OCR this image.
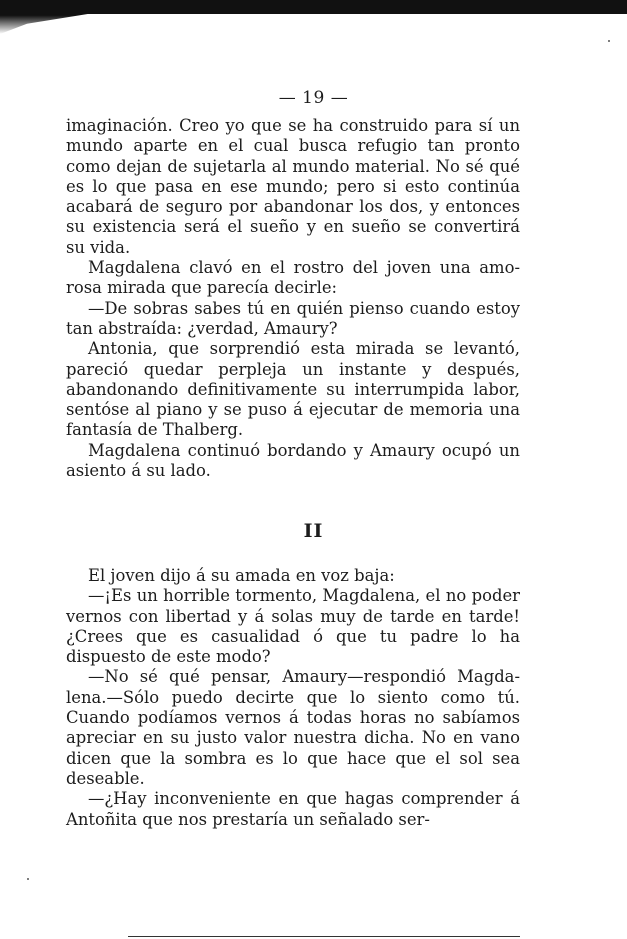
— 19 —

imaginación. Creo yo que se ha construido para sí un mundo aparte en el cual busca refugio tan pronto como dejan de sujetarla al mundo material. No sé qué es lo que pasa en ese mundo; pero si esto continúa acabará de seguro por abandonar los dos, y entonces su existencia será el sueño y en sueño se convertirá su vida.

Magdalena clavó en el rostro del joven una amorosa mirada que parecía decirle:

—De sobras sabes tú en quién pienso cuando estoy tan abstraída: ¿verdad, Amaury?

Antonia, que sorprendió esta mirada se levantó, pareció quedar perpleja un instante y después, abandonando definitivamente su interrumpida labor, sentóse al piano y se puso á ejecutar de memoria una fantasía de Thalberg.

Magdalena continuó bordando y Amaury ocupó un asiento á su lado.

II

El joven dijo á su amada en voz baja:

—¡Es un horrible tormento, Magdalena, el no poder vernos con libertad y á solas muy de tarde en tarde! ¿Crees que es casualidad ó que tu padre lo ha dispuesto de este modo?

—No sé qué pensar, Amaury—respondió Magdalena.—Sólo puedo decirte que lo siento como tú. Cuando podíamos vernos á todas horas no sabíamos apreciar en su justo valor nuestra dicha. No en vano dicen que la sombra es lo que hace que el sol sea deseable.

—¿Hay inconveniente en que hagas comprender á Antoñita que nos prestaría un señalado ser-
